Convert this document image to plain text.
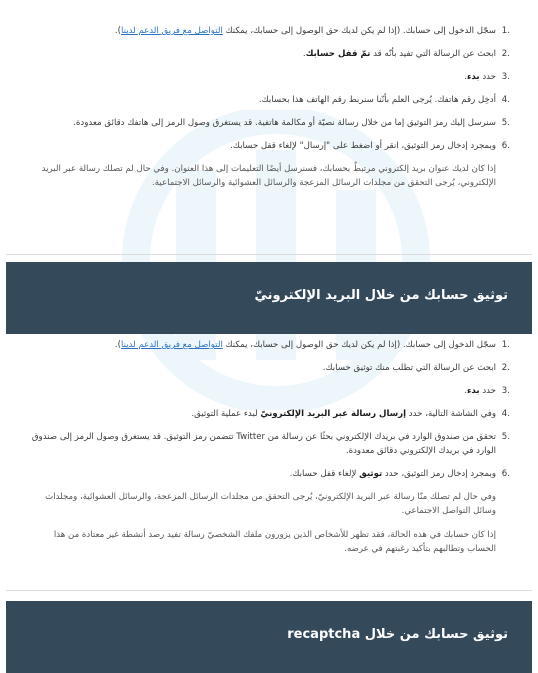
1.
سجّل الدخول إلى حسابك. (إذا لم يكن لديك حق الوصول إلى حسابك، يمكنك التواصل مع فريق الدعم لدينا).
2.
ابحث عن الرسالة التي تفيد بأنّه قد تمّ قفل حسابك.
3.
حدد بدء.
4.
أدخِل رقم هاتفك. يُرجى العلم بأنّنا سنربط رقم الهاتف هذا بحسابك.
5.
سنرسل إليك رمز التوثيق إما من خلال رسالة نصيّة أو مكالمة هاتفية. قد يستغرق وصول الرمز إلى هاتفك دقائق معدودة.
6.
وبمجرد إدخال رمز التوثيق، انقر أو اضغط على "إرسال" لإلغاء قفل حسابك.

إذا كان لديك عنوان بريد إلكتروني مرتبطٌ بحسابك، فسنرسل أيضًا التعليمات إلى هذا العنوان. وفي حال لم تصلك رسالة عبر البريد الإلكتروني، يُرجى التحقق من مجلدات الرسائل المزعجة والرسائل العشوائية والرسائل الاجتماعية.

توثيق حسابك من خلال البريد الإلكترونيّ
1.
سجّل الدخول إلى حسابك. (إذا لم يكن لديك حق الوصول إلى حسابك، يمكنك التواصل مع فريق الدعم لدينا).
2.
ابحث عن الرسالة التي تطلب منك توثيق حسابك.
3.
حدد بدء.
4.
وفي الشاشة التالية، حدد إرسال رسالة عبر البريد الإلكترونيّ لبدء عملية التوثيق.
5.
تحقق من صندوق الوارد في بريدك الإلكتروني بحثًا عن رسالة من Twitter تتضمن رمز التوثيق. قد يستغرق وصول الرمز إلى صندوق الوارد في بريدك الإلكتروني دقائق معدودة.
6.
وبمجرد إدخال رمز التوثيق، حدد توثيق لإلغاء قفل حسابك.

وفي حال لم تصلك منّا رسالة عبر البريد الإلكترونيّ، يُرجى التحقق من مجلدات الرسائل المزعجة، والرسائل العشوائية، ومجلدات وسائل التواصل الاجتماعي.

إذا كان حسابك في هذه الحالة، فقد تظهر للأشخاص الذين يزورون ملفك الشخصيّ رسالة تفيد رصد أنشطة غير معتادة من هذا الحساب وتطالبهم بتأكيد رغبتهم في عرضه.

توثيق حسابك من خلال recaptcha
